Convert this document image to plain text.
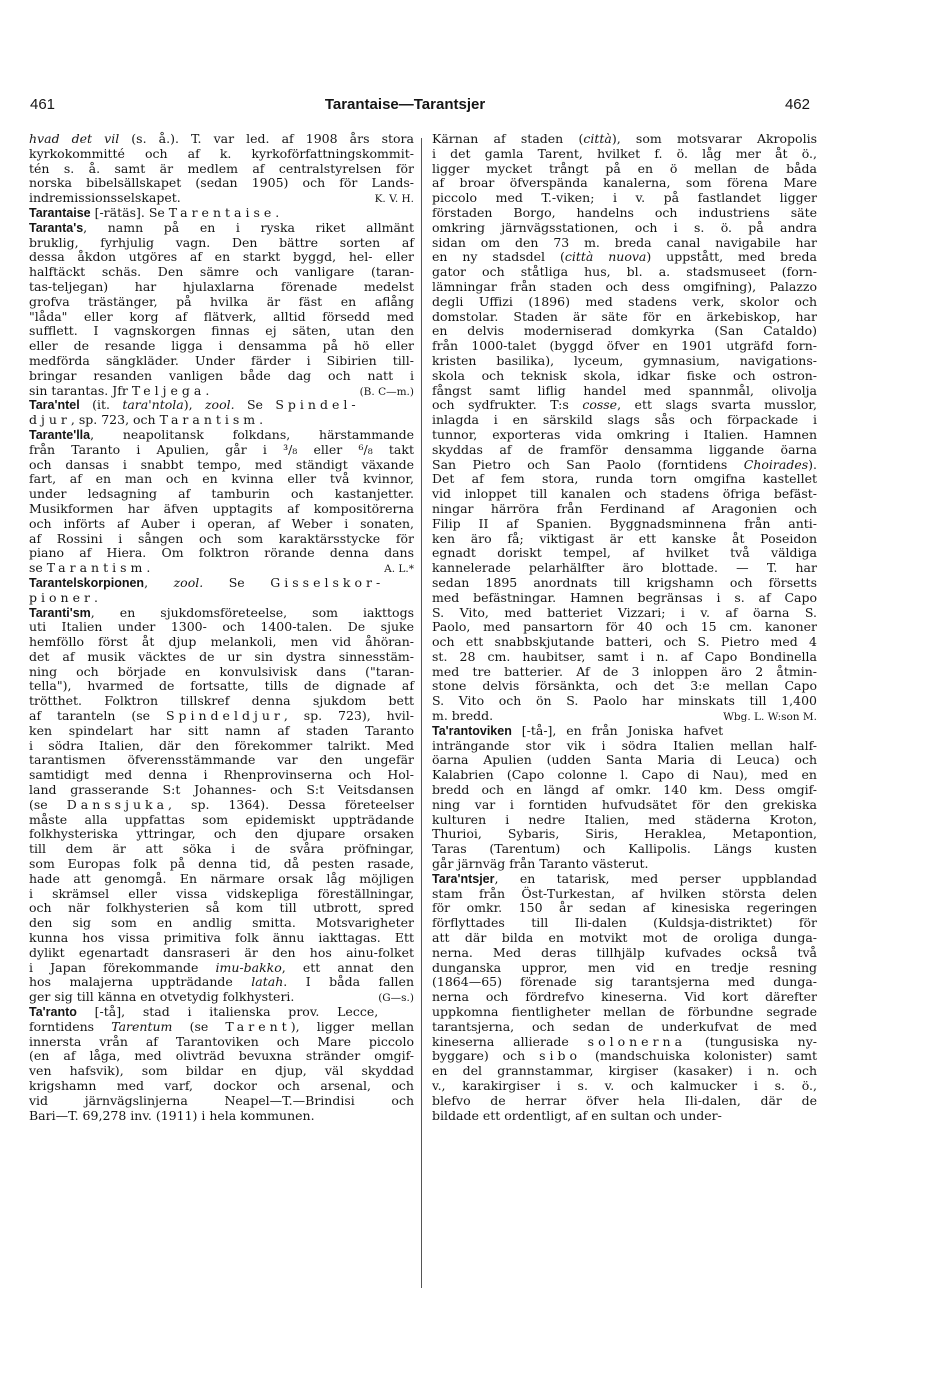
461	Tarantaise—Tarantsjer	462
hvad det vil (s. å.). T. var led. af 1908 års stora
kyrkokommitté och af k. kyrkoförfattningskommit-
tén s. å. samt är medlem af centralstyrelsen för
norska bibelsällskapet (sedan 1905) och för Lands-
indremissionsselskapet.	K. V. H.
Tarantaise [-rätäs]. Se Tarentaise.
Taranta's, namn på en i ryska riket allmänt
bruklig, fyrhjulig vagn. Den bättre sorten af
dessa åkdon utgöres af en starkt byggd, hel- eller
halftäckt schäs. Den sämre och vanligare (taran-
tas-teljegan) har hjulaxlarna förenade medelst
grofva trästänger, på hvilka är fäst en aflång
"låda" eller korg af flätverk, alltid försedd med
sufflett. I vagnskorgen finnas ej säten, utan den
eller de resande ligga i densamma på hö eller
medförda sängkläder. Under färder i Sibirien till-
bringar resanden vanligen både dag och natt i
sin tarantas. Jfr Teljega.	(B. C—m.)
Tara'ntel (it. tara'ntola), zool. Se Spindel-
djur, sp. 723, och Tarantism.
Tarante'lla, neapolitansk folkdans, härstammande
från Taranto i Apulien, går i ³/₈ eller ⁶/₈ takt
och dansas i snabbt tempo, med ständigt växande
fart, af en man och en kvinna eller två kvinnor,
under ledsagning af tamburin och kastanjetter.
Musikformen har äfven upptagits af kompositörerna
och införts af Auber i operan, af Weber i sonaten,
af Rossini i sången och som karaktärsstycke för
piano af Hiera. Om folktron rörande denna dans
se Tarantism.	A. L.*
Tarantelskorpionen, zool. Se Gisselskor-
pioner.
Taranti'sm, en sjukdomsföreteelse, som iakttogs
uti Italien under 1300- och 1400-talen. De sjuke
hemföllo först åt djup melankoli, men vid åhöran-
det af musik väcktes de ur sin dystra sinnesstäm-
ning och började en konvulsivisk dans ("taran-
tella"), hvarmed de fortsatte, tills de dignade af
trötthet. Folktron tillskref denna sjukdom bett
af taranteln (se Spindeldjur, sp. 723), hvil-
ken spindelart har sitt namn af staden Taranto
i södra Italien, där den förekommer talrikt. Med
tarantismen öfverensstämmande var den ungefär
samtidigt med denna i Rhenprovinserna och Hol-
land grasserande S:t Johannes- och S:t Veitsdansen
(se Danssjuka, sp. 1364). Dessa företeelser
måste alla uppfattas som epidemiskt uppträdande
folkhysteriska yttringar, och den djupare orsaken
till dem är att söka i de svåra pröfningar,
som Europas folk på denna tid, då pesten rasade,
hade att genomgå. En närmare orsak låg möjligen
i skrämsel eller vissa vidskepliga föreställningar,
och när folkhysterien så kom till utbrott, spred
den sig som en andlig smitta. Motsvarigheter
kunna hos vissa primitiva folk ännu iakttagas. Ett
dylikt egenartadt dansraseri är den hos ainu-folket
i Japan förekommande imu-bakko, ett annat den
hos malajerna uppträdande latah. I båda fallen
ger sig till känna en otvetydig folkhysteri.	(G—s.)
Ta'ranto [-tå], stad i italienska prov. Lecce,
forntidens Tarentum (se Tarent), ligger mellan
innersta vrån af Tarantoviken och Mare piccolo
(en af låga, med olivträd bevuxna stränder omgif-
ven hafsvik), som bildar en djup, väl skyddad
krigshamn med varf, dockor och arsenal, och
vid järnvägslinjerna Neapel—T.—Brindisi och
Bari—T. 69,278 inv. (1911) i hela kommunen.
Kärnan af staden (città), som motsvarar Akropolis
i det gamla Tarent, hvilket f. ö. låg mer åt ö.,
ligger mycket trångt på en ö mellan de båda
af broar öfverspända kanalerna, som förena Mare
piccolo med T.-viken; i v. på fastlandet ligger
förstaden Borgo, handelns och industriens säte
omkring järnvägsstationen, och i s. ö. på andra
sidan om den 73 m. breda canal navigabile har
en ny stadsdel (città nuova) uppstått, med breda
gator och ståtliga hus, bl. a. stadsmuseet (forn-
lämningar från staden och dess omgifning), Palazzo
degli Uffizi (1896) med stadens verk, skolor och
domstolar. Staden är säte för en ärkebiskop, har
en delvis moderniserad domkyrka (San Cataldo)
från 1000-talet (byggd öfver en 1901 utgräfd forn-
kristen basilika), lyceum, gymnasium, navigations-
skola och teknisk skola, idkar fiske och ostron-
fångst samt liflig handel med spannmål, olivolja
och sydfrukter. T:s cosse, ett slags svarta musslor,
inlagda i en särskild slags sås och förpackade i
tunnor, exporteras vida omkring i Italien. Hamnen
skyddas af de framför densamma liggande öarna
San Pietro och San Paolo (forntidens Choirades).
Det af fem stora, runda torn omgifna kastellet
vid inloppet till kanalen och stadens öfriga befäst-
ningar härröra från Ferdinand af Aragonien och
Filip II af Spanien. Byggnadsminnena från anti-
ken äro få; viktigast är ett kanske åt Poseidon
egnadt doriskt tempel, af hvilket två väldiga
kannelerade pelarhälfter äro blottade. — T. har
sedan 1895 anordnats till krigshamn och försetts
med befästningar. Hamnen begränsas i s. af Capo
S. Vito, med batteriet Vizzari; i v. af öarna S.
Paolo, med pansartorn för 40 och 15 cm. kanoner
och ett snabbskjutande batteri, och S. Pietro med 4
st. 28 cm. haubitser, samt i n. af Capo Bondinella
med tre batterier. Af de 3 inloppen äro 2 åtmin-
stone delvis försänkta, och det 3:e mellan Capo
S. Vito och ön S. Paolo har minskats till 1,400
m. bredd.	Wbg. L. W:son M.
Ta'rantoviken [-tå-], en från Joniska hafvet
inträngande stor vik i södra Italien mellan half-
öarna Apulien (udden Santa Maria di Leuca) och
Kalabrien (Capo colonne l. Capo di Nau), med en
bredd och en längd af omkr. 140 km. Dess omgif-
ning var i forntiden hufvudsätet för den grekiska
kulturen i nedre Italien, med städerna Kroton,
Thurioi, Sybaris, Siris, Herakleа, Metapontion,
Taras (Tarentum) och Kallipolis. Längs kusten
går järnväg från Taranto västerut.
Tara'ntsjer, en tatarisk, med perser uppblandad
stam från Öst-Turkestan, af hvilken största delen
för omkr. 150 år sedan af kinesiska regeringen
förflyttades till Ili-dalen (Kuldsja-distriktet) för
att där bilda en motvikt mot de oroliga dunga-
nerna. Med deras tillhjälp kufvades också två
dunganska uppror, men vid en tredje resning
(1864—65) förenade sig tarantsjerna med dunga-
nerna och fördrefvo kineserna. Vid kort därefter
uppkomna fientligheter mellan de förbundne segrade
tarantsjerna, och sedan de underkufvat de med
kineserna allierade solonerna (tungusiska ny-
byggare) och sibo (mandschuiska kolonister) samt
en del grannstammar, kirgiser (kasaker) i n. och
v., karakirgiser i s. v. och kalmucker i s. ö.,
blefvo de herrar öfver hela Ili-dalen, där de
bildade ett ordentligt, af en sultan och under-
